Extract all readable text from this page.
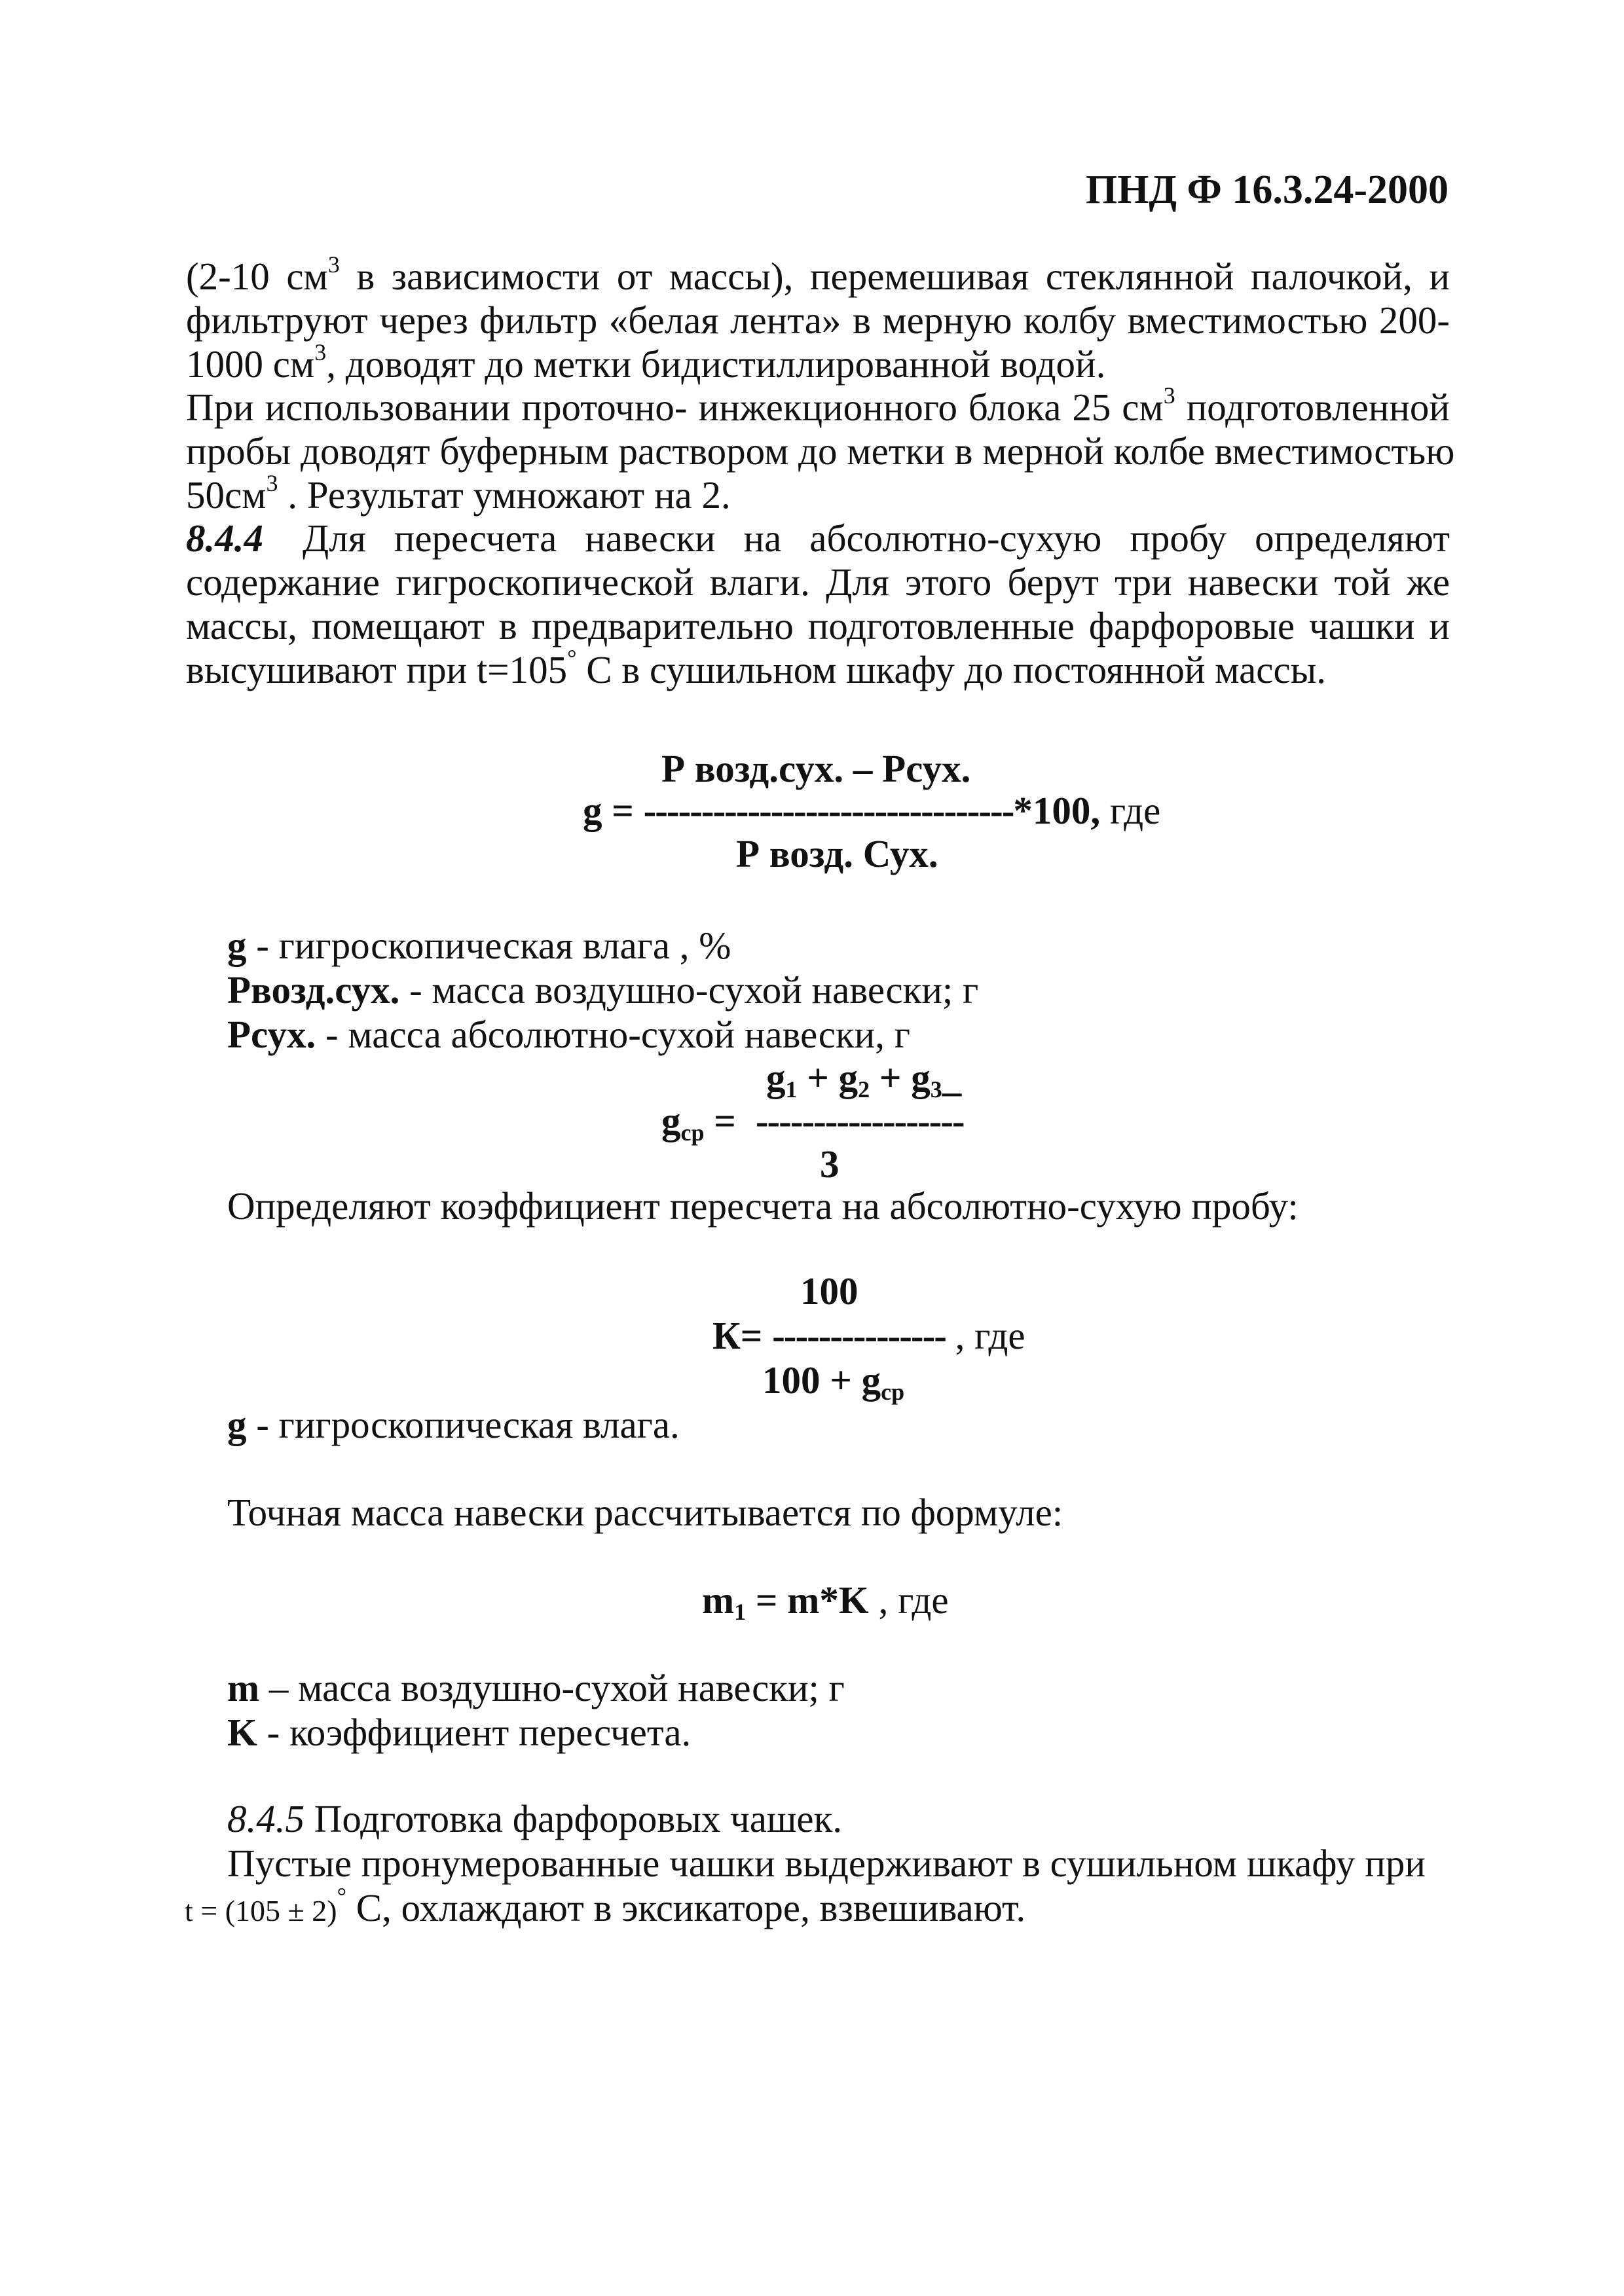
ПНД Ф 16.3.24-2000
(2-10 $см^3$ в зависимости от массы), перемешивая стеклянной палочкой, и
фильтруют через фильтр «белая лента» в мерную колбу вместимостью 200-
1000 $см^3$, доводят до метки бидистиллированной водой.
При использовании проточно- инжекционного блока 25 $см^3$ подготовленной
пробы доводят буферным раствором до метки в мерной колбе вместимостью
$50см^3$ . Результат умножают на 2.
8.4.4 Для пересчета навески на абсолютно-сухую пробу определяют
содержание гигроскопической влаги. Для этого берут три навески той же
массы, помещают в предварительно подготовленные фарфоровые чашки и
высушивают при t=105° С в сушильном шкафу до постоянной массы.
Р возд.сух. – Рсух.
g = --------------------------------*100, где
Р возд. Сух.
g - гигроскопическая влага , %
Рвозд.сух. - масса воздушно-сухой навески; г
Рсух. - масса абсолютно-сухой навески, г
$g_1 + g_2$ + $g_3\_$
$g_{ср}$ = ------------------
3
Определяют коэффициент пересчета на абсолютно-сухую пробу:
100
К= --------------- , где
$100 + g_{ср}$
g - гигроскопическая влага.
Точная масса навески рассчитывается по формуле:
$m_1 = m*K$ , где
m – масса воздушно-сухой навески; г
K - коэффициент пересчета.
8.4.5 Подготовка фарфоровых чашек.
Пустые пронумерованные чашки выдерживают в сушильном шкафу при
t = (105 ± 2)° С, охлаждают в эксикаторе, взвешивают.
